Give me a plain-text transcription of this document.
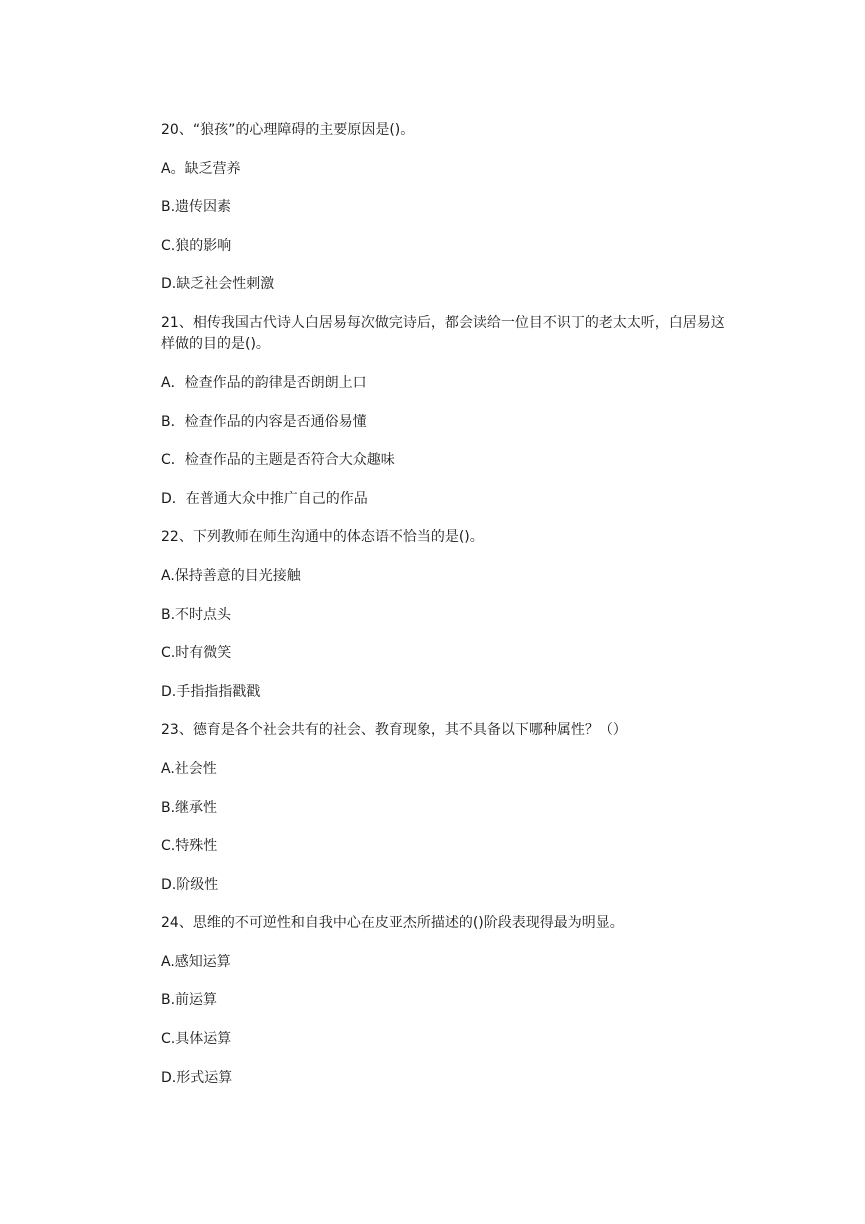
20、“狼孩”的心理障碍的主要原因是()。
A。缺乏营养
B.遗传因素
C.狼的影响
D.缺乏社会性刺激
21、相传我国古代诗人白居易每次做完诗后，都会读给一位目不识丁的老太太听，白居易这样做的目的是()。
A．检查作品的韵律是否朗朗上口
B．检查作品的内容是否通俗易懂
C．检查作品的主题是否符合大众趣味
D．在普通大众中推广自己的作品
22、下列教师在师生沟通中的体态语不恰当的是()。
A.保持善意的目光接触
B.不时点头
C.时有微笑
D.手指指指戳戳
23、德育是各个社会共有的社会、教育现象，其不具备以下哪种属性？（）
A.社会性
B.继承性
C.特殊性
D.阶级性
24、思维的不可逆性和自我中心在皮亚杰所描述的()阶段表现得最为明显。
A.感知运算
B.前运算
C.具体运算
D.形式运算
